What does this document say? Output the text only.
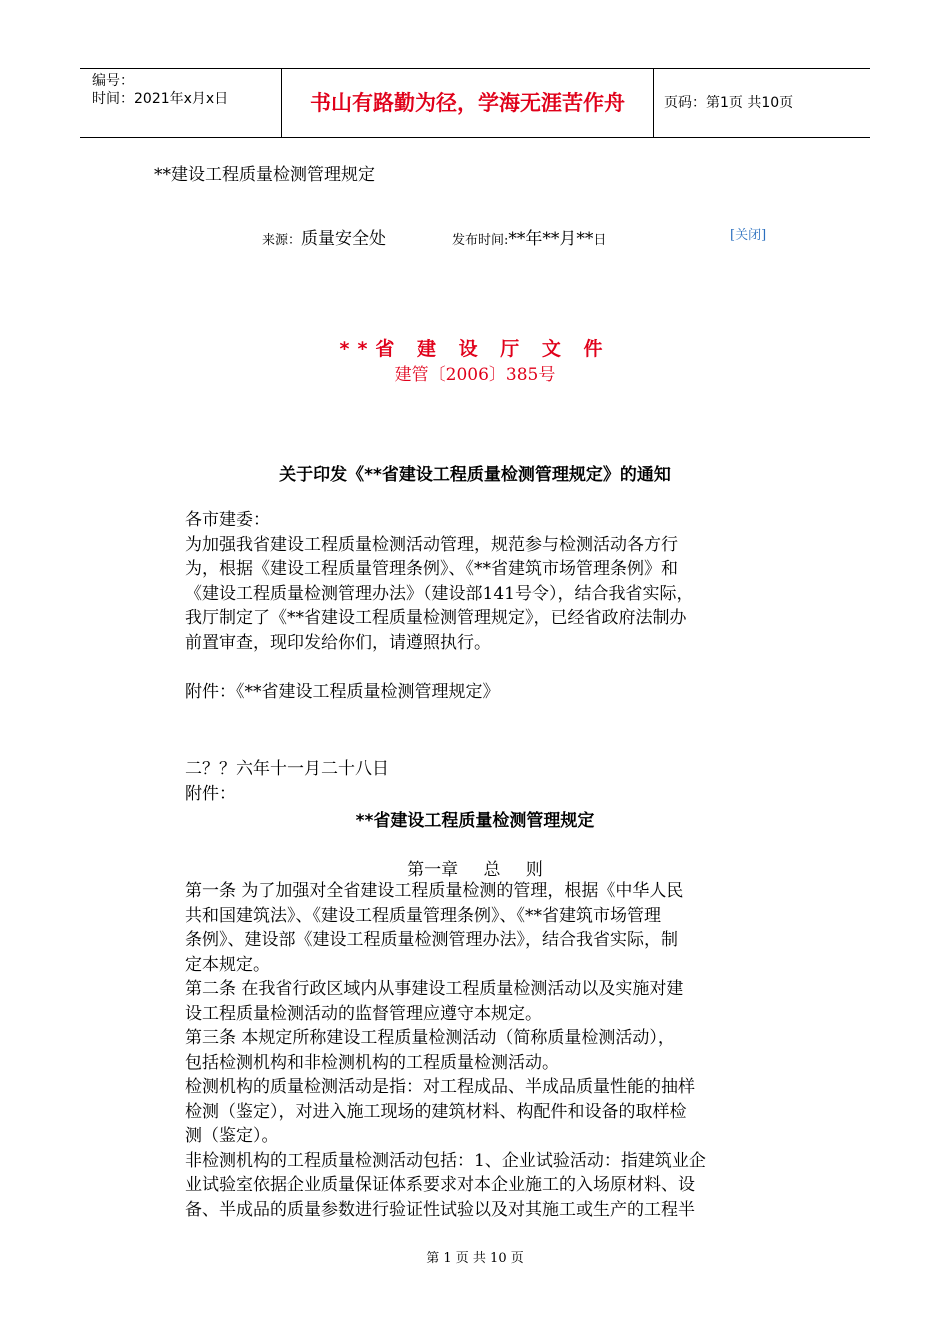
编号：
时间：2021年x月x日	书山有路勤为径，学海无涯苦作舟	页码：第1页 共10页
**建设工程质量检测管理规定
来源：质量安全处	发布时间:**年**月**日	[关闭]
**省 建 设 厅 文 件
建管〔2006〕385号
关于印发《**省建设工程质量检测管理规定》的通知

各市建委：

为加强我省建设工程质量检测活动管理，规范参与检测活动各方行

为，根据《建设工程质量管理条例》、《**省建筑市场管理条例》和

《建设工程质量检测管理办法》（建设部141号令），结合我省实际，

我厅制定了《**省建设工程质量检测管理规定》，已经省政府法制办

前置审查，现印发给你们，请遵照执行。

附件：《**省建设工程质量检测管理规定》

二？？六年十一月二十八日

附件：

**省建设工程质量检测管理规定
第一章 总 则

第一条 为了加强对全省建设工程质量检测的管理，根据《中华人民

共和国建筑法》、《建设工程质量管理条例》、《**省建筑市场管理

条例》、建设部《建设工程质量检测管理办法》，结合我省实际，制

定本规定。

第二条 在我省行政区域内从事建设工程质量检测活动以及实施对建

设工程质量检测活动的监督管理应遵守本规定。

第三条 本规定所称建设工程质量检测活动（简称质量检测活动），

包括检测机构和非检测机构的工程质量检测活动。

检测机构的质量检测活动是指：对工程成品、半成品质量性能的抽样

检测（鉴定），对进入施工现场的建筑材料、构配件和设备的取样检

测（鉴定）。

非检测机构的工程质量检测活动包括：1、企业试验活动：指建筑业企

业试验室依据企业质量保证体系要求对本企业施工的入场原材料、设

备、半成品的质量参数进行验证性试验以及对其施工或生产的工程半

第 1 页 共 10 页
